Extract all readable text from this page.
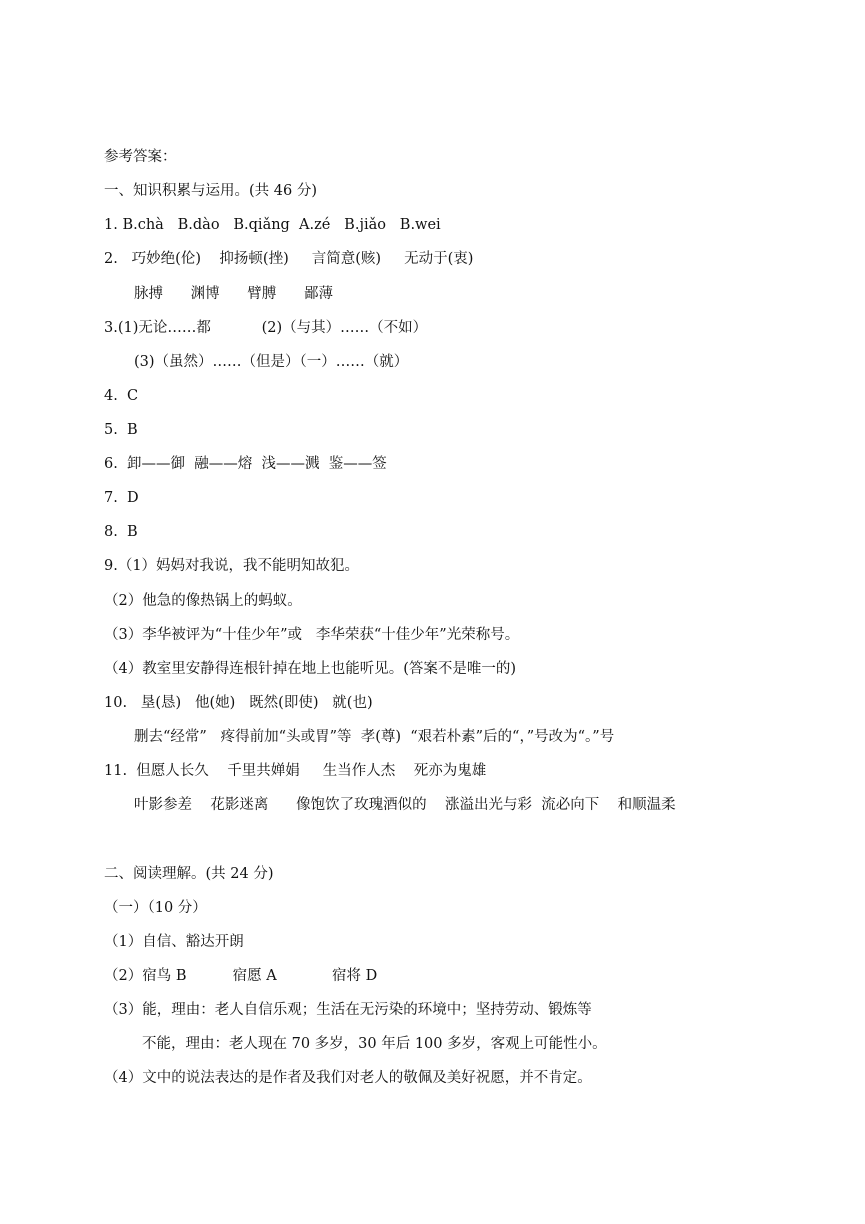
参考答案：
一、知识积累与运用。(共 46 分)
1. B.chà   B.dào   B.qiǎng  A.zé   B.jiǎo   B.wei
2.   巧妙绝(伦)    抑扬顿(挫)     言简意(赅)     无动于(衷)
脉搏      渊博      臂膊      鄙薄
3.(1)无论……都           (2)（与其）……（不如）
(3)（虽然）……（但是）（一）……（就）
4.  C
5.  B
6.  卸——御  融——熔  浅——溅  鉴——签
7.  D
8.  B
9.（1）妈妈对我说，我不能明知故犯。
（2）他急的像热锅上的蚂蚁。
（3）李华被评为“十佳少年”或   李华荣获“十佳少年”光荣称号。
（4）教室里安静得连根针掉在地上也能听见。(答案不是唯一的)
10.   垦(恳)   他(她)   既然(即使)   就(也)
删去“经常”   疼得前加“头或胃”等  孝(尊)  “艰若朴素”后的“，”号改为“。”号
11.  但愿人长久    千里共婵娟     生当作人杰    死亦为鬼雄
叶影参差    花影迷离      像饱饮了玫瑰酒似的    涨溢出光与彩  流必向下    和顺温柔
二、阅读理解。(共 24 分)
（一）（10 分）
（1）自信、豁达开朗
（2）宿鸟 B          宿愿 A            宿将 D
（3）能，理由：老人自信乐观；生活在无污染的环境中；坚持劳动、锻炼等
不能，理由：老人现在 70 多岁，30 年后 100 多岁，客观上可能性小。
（4）文中的说法表达的是作者及我们对老人的敬佩及美好祝愿，并不肯定。
